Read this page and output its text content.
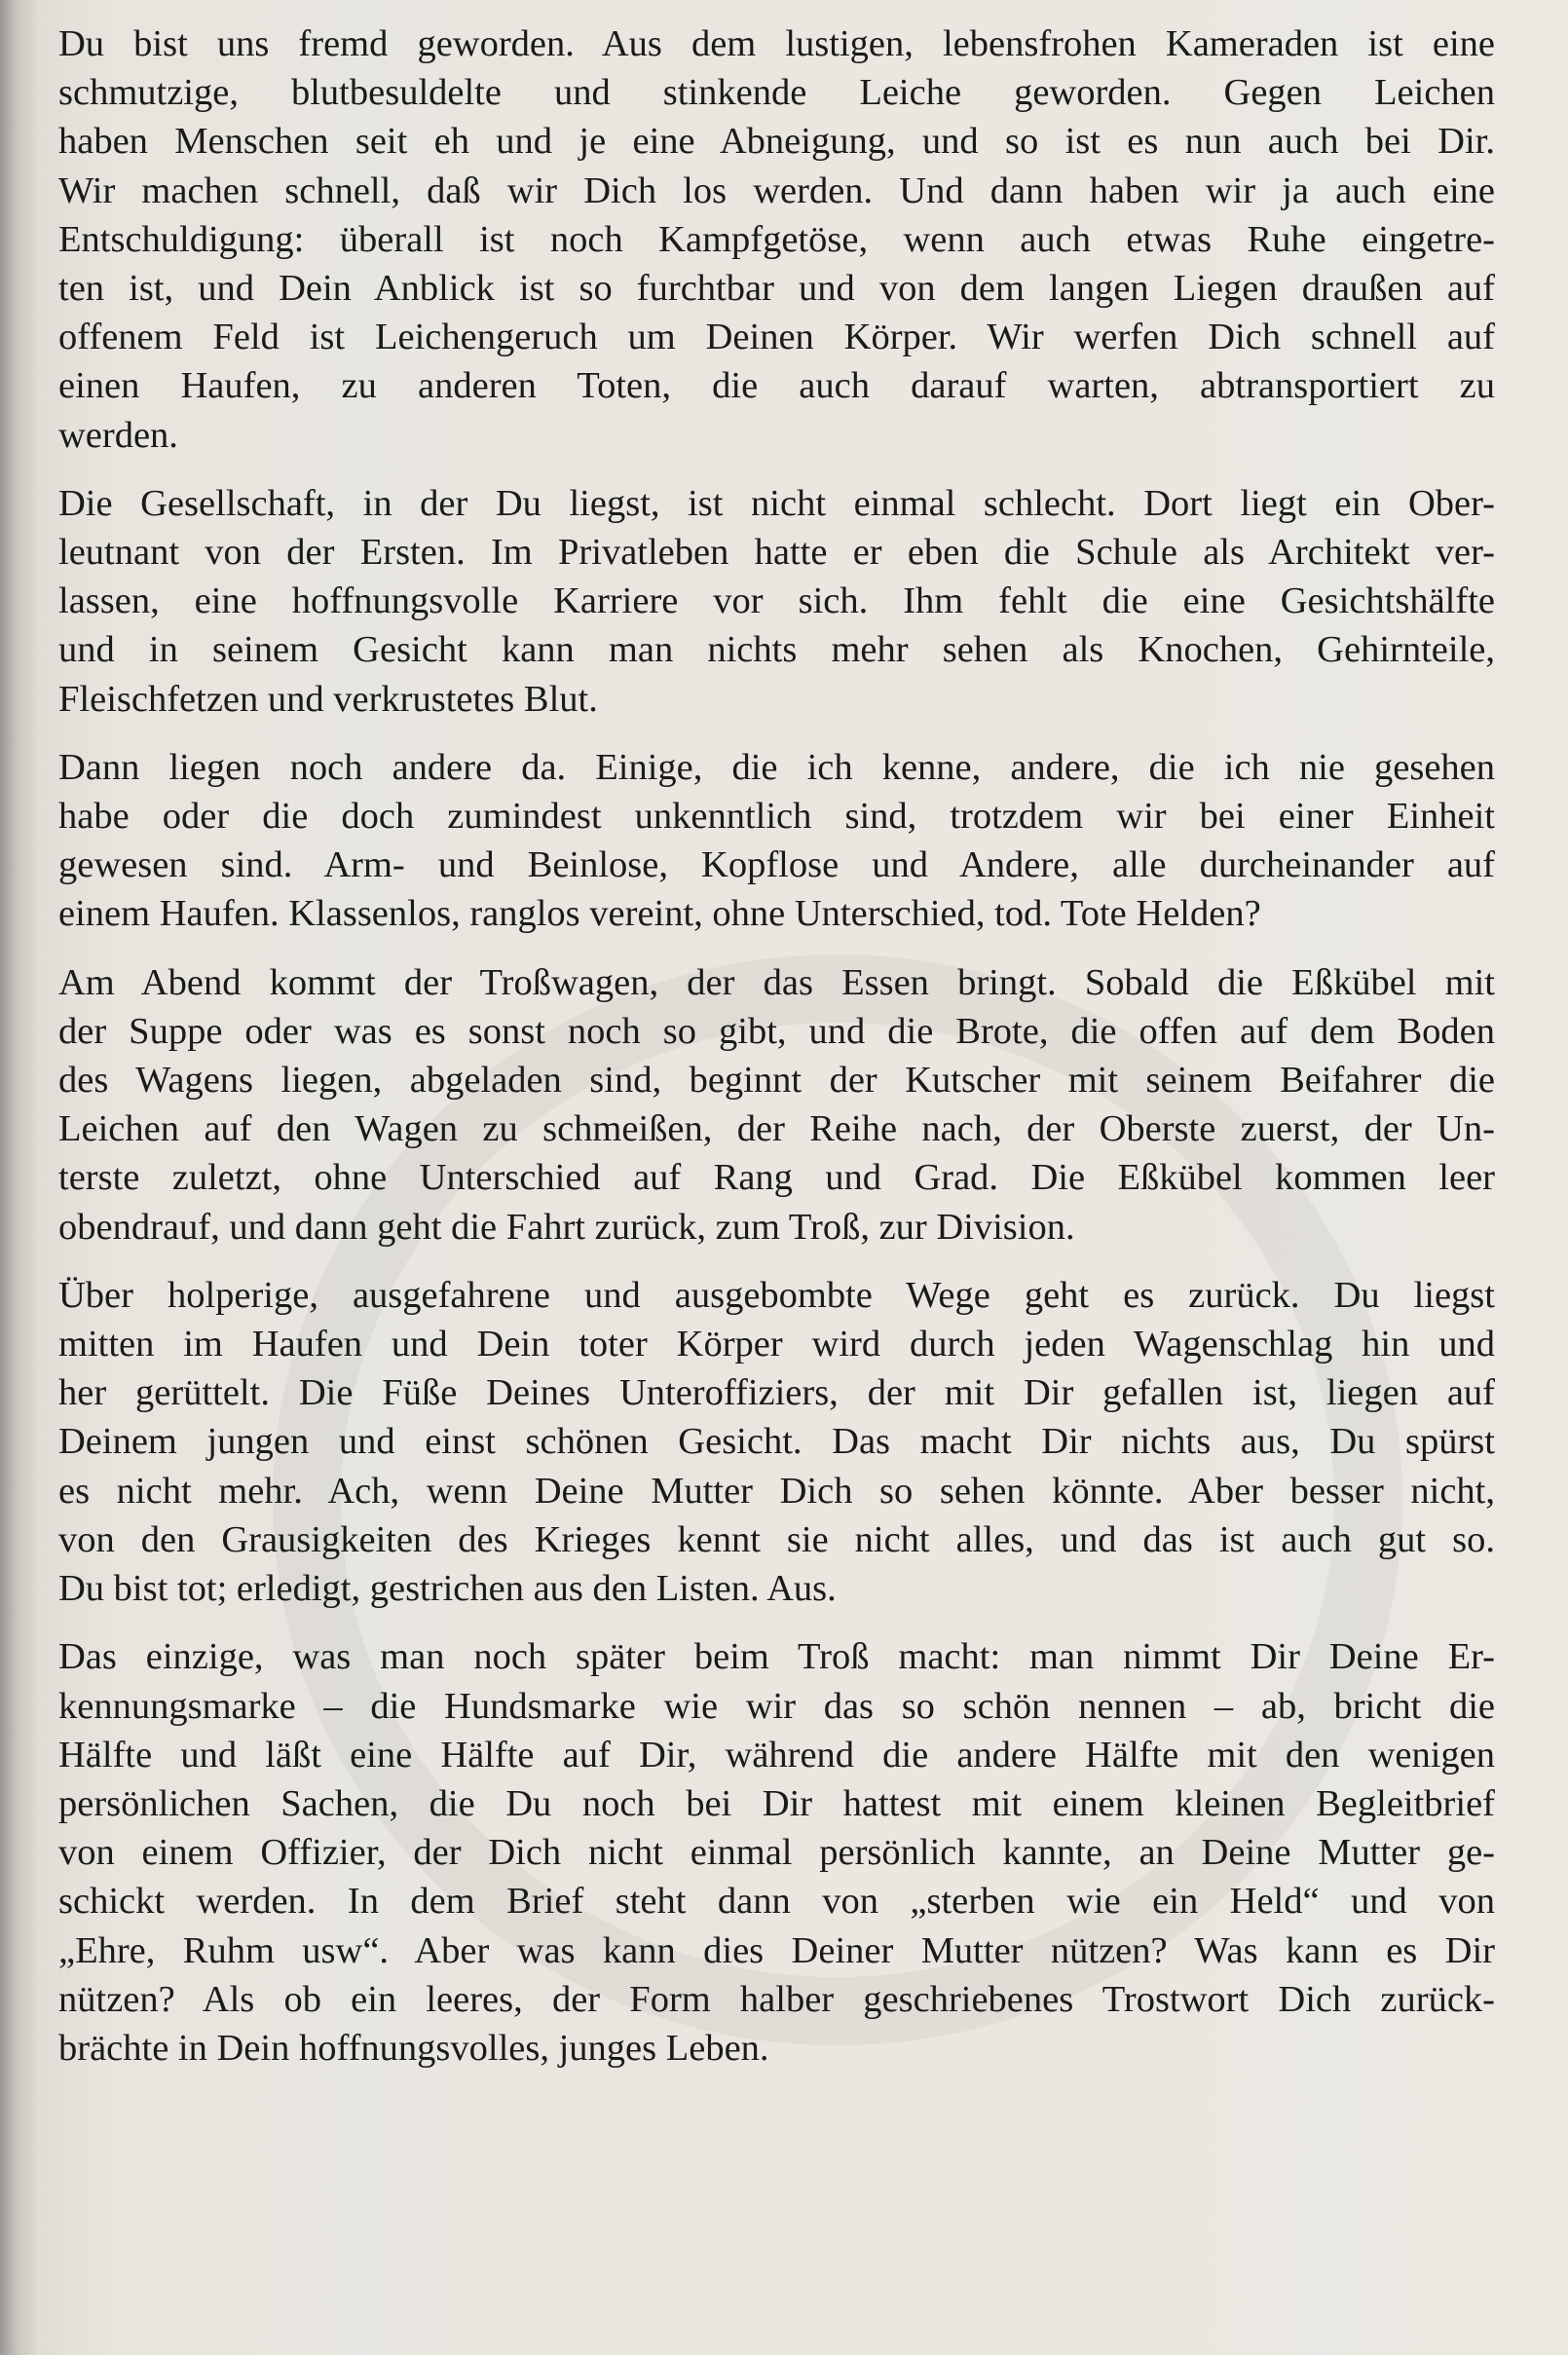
Du bist uns fremd geworden. Aus dem lustigen, lebensfrohen Kameraden ist eine
schmutzige, blutbesuldelte und stinkende Leiche geworden. Gegen Leichen
haben Menschen seit eh und je eine Abneigung, und so ist es nun auch bei Dir.
Wir machen schnell, daß wir Dich los werden. Und dann haben wir ja auch eine
Entschuldigung: überall ist noch Kampfgetöse, wenn auch etwas Ruhe eingetre-
ten ist, und Dein Anblick ist so furchtbar und von dem langen Liegen draußen auf
offenem Feld ist Leichengeruch um Deinen Körper. Wir werfen Dich schnell auf
einen Haufen, zu anderen Toten, die auch darauf warten, abtransportiert zu
werden.
Die Gesellschaft, in der Du liegst, ist nicht einmal schlecht. Dort liegt ein Ober-
leutnant von der Ersten. Im Privatleben hatte er eben die Schule als Architekt ver-
lassen, eine hoffnungsvolle Karriere vor sich. Ihm fehlt die eine Gesichtshälfte
und in seinem Gesicht kann man nichts mehr sehen als Knochen, Gehirnteile,
Fleischfetzen und verkrustetes Blut.
Dann liegen noch andere da. Einige, die ich kenne, andere, die ich nie gesehen
habe oder die doch zumindest unkenntlich sind, trotzdem wir bei einer Einheit
gewesen sind. Arm- und Beinlose, Kopflose und Andere, alle durcheinander auf
einem Haufen. Klassenlos, ranglos vereint, ohne Unterschied, tod. Tote Helden?
Am Abend kommt der Troßwagen, der das Essen bringt. Sobald die Eßkübel mit
der Suppe oder was es sonst noch so gibt, und die Brote, die offen auf dem Boden
des Wagens liegen, abgeladen sind, beginnt der Kutscher mit seinem Beifahrer die
Leichen auf den Wagen zu schmeißen, der Reihe nach, der Oberste zuerst, der Un-
terste zuletzt, ohne Unterschied auf Rang und Grad. Die Eßkübel kommen leer
obendrauf, und dann geht die Fahrt zurück, zum Troß, zur Division.
Über holperige, ausgefahrene und ausgebombte Wege geht es zurück. Du liegst
mitten im Haufen und Dein toter Körper wird durch jeden Wagenschlag hin und
her gerüttelt. Die Füße Deines Unteroffiziers, der mit Dir gefallen ist, liegen auf
Deinem jungen und einst schönen Gesicht. Das macht Dir nichts aus, Du spürst
es nicht mehr. Ach, wenn Deine Mutter Dich so sehen könnte. Aber besser nicht,
von den Grausigkeiten des Krieges kennt sie nicht alles, und das ist auch gut so.
Du bist tot; erledigt, gestrichen aus den Listen. Aus.
Das einzige, was man noch später beim Troß macht: man nimmt Dir Deine Er-
kennungsmarke – die Hundsmarke wie wir das so schön nennen – ab, bricht die
Hälfte und läßt eine Hälfte auf Dir, während die andere Hälfte mit den wenigen
persönlichen Sachen, die Du noch bei Dir hattest mit einem kleinen Begleitbrief
von einem Offizier, der Dich nicht einmal persönlich kannte, an Deine Mutter ge-
schickt werden. In dem Brief steht dann von „sterben wie ein Held“ und von
„Ehre, Ruhm usw“. Aber was kann dies Deiner Mutter nützen? Was kann es Dir
nützen? Als ob ein leeres, der Form halber geschriebenes Trostwort Dich zurück-
brächte in Dein hoffnungsvolles, junges Leben.
